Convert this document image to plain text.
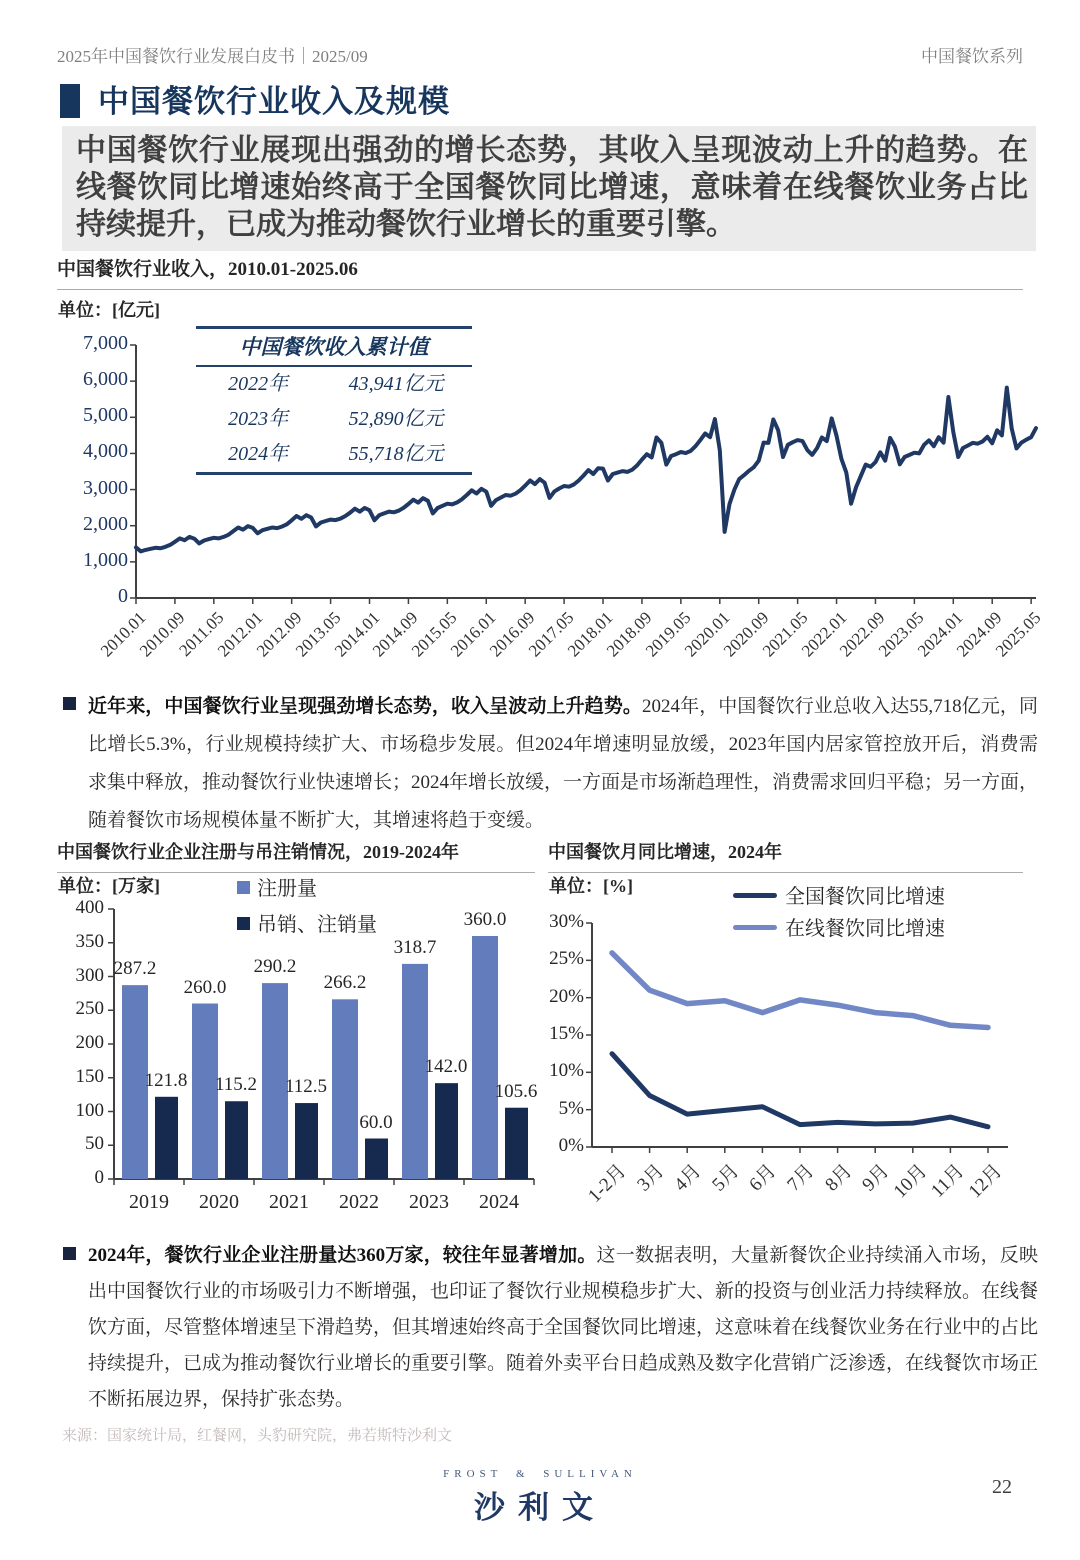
2025年中国餐饮行业发展白皮书｜2025/09	中国餐饮系列
中国餐饮行业收入及规模
中国餐饮行业展现出强劲的增长态势，其收入呈现波动上升的趋势。在线餐饮同比增速始终高于全国餐饮同比增速，意味着在线餐饮业务占比持续提升，已成为推动餐饮行业增长的重要引擎。
中国餐饮行业收入，2010.01-2025.06
单位：[亿元]
中国餐饮收入累计值
2022年	43,941亿元
2023年	52,890亿元
2024年	55,718亿元
近年来，中国餐饮行业呈现强劲增长态势，收入呈波动上升趋势。2024年，中国餐饮行业总收入达55,718亿元，同比增长5.3%，行业规模持续扩大、市场稳步发展。但2024年增速明显放缓，2023年国内居家管控放开后，消费需求集中释放，推动餐饮行业快速增长；2024年增长放缓，一方面是市场渐趋理性，消费需求回归平稳；另一方面，随着餐饮市场规模体量不断扩大，其增速将趋于变缓。
中国餐饮行业企业注册与吊注销情况，2019-2024年
单位：[万家]	注册量
吊销、注销量
中国餐饮月同比增速，2024年
单位：[%]	全国餐饮同比增速
在线餐饮同比增速
2024年，餐饮行业企业注册量达360万家，较往年显著增加。这一数据表明，大量新餐饮企业持续涌入市场，反映出中国餐饮行业的市场吸引力不断增强，也印证了餐饮行业规模稳步扩大、新的投资与创业活力持续释放。在线餐饮方面，尽管整体增速呈下滑趋势，但其增速始终高于全国餐饮同比增速，这意味着在线餐饮业务在行业中的占比持续提升，已成为推动餐饮行业增长的重要引擎。随着外卖平台日趋成熟及数字化营销广泛渗透，在线餐饮市场正不断拓展边界，保持扩张态势。
来源：国家统计局，红餐网，头豹研究院，弗若斯特沙利文
FROST & SULLIVAN
沙利文
22
7,000
6,000
5,000
4,000
3,000
2,000
1,000
0
2010.01
2010.09
2011.05
2012.01
2012.09
2013.05
2014.01
2014.09
2015.05
2016.01
2016.09
2017.05
2018.01
2018.09
2019.05
2020.01
2020.09
2021.05
2022.01
2022.09
2023.05
2024.01
2024.09
2025.05
400
350
300
250
200
150
100
50
0
287.2
121.8
2019
260.0
115.2
2020
290.2
112.5
2021
266.2
60.0
2022
318.7
142.0
2023
360.0
105.6
2024
30%
25%
20%
15%
10%
5%
0%
1-2月 3月 4月 5月 6月 7月 8月 9月
10月
11月
12月
